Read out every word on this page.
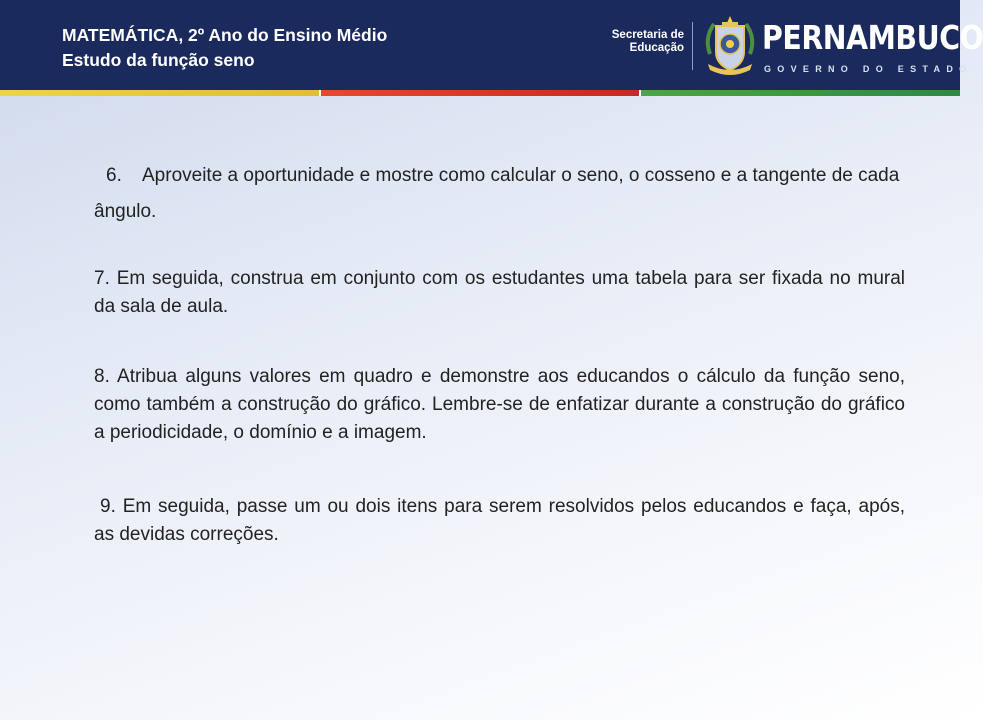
MATEMÁTICA, 2º Ano do Ensino Médio
Estudo da função seno
Secretaria de
Educação PERNAMBUCO
GOVERNO DO ESTADO

6. Aproveite a oportunidade e mostre como calcular o seno, o cosseno e a tangente de cada ângulo.

7. Em seguida, construa em conjunto com os estudantes uma tabela para ser fixada no mural da sala de aula.

8. Atribua alguns valores em quadro e demonstre aos educandos o cálculo da função seno, como também a construção do gráfico. Lembre-se de enfatizar durante a construção do gráfico a periodicidade, o domínio e a imagem.

9. Em seguida, passe um ou dois itens para serem resolvidos pelos educandos e faça, após, as devidas correções.
